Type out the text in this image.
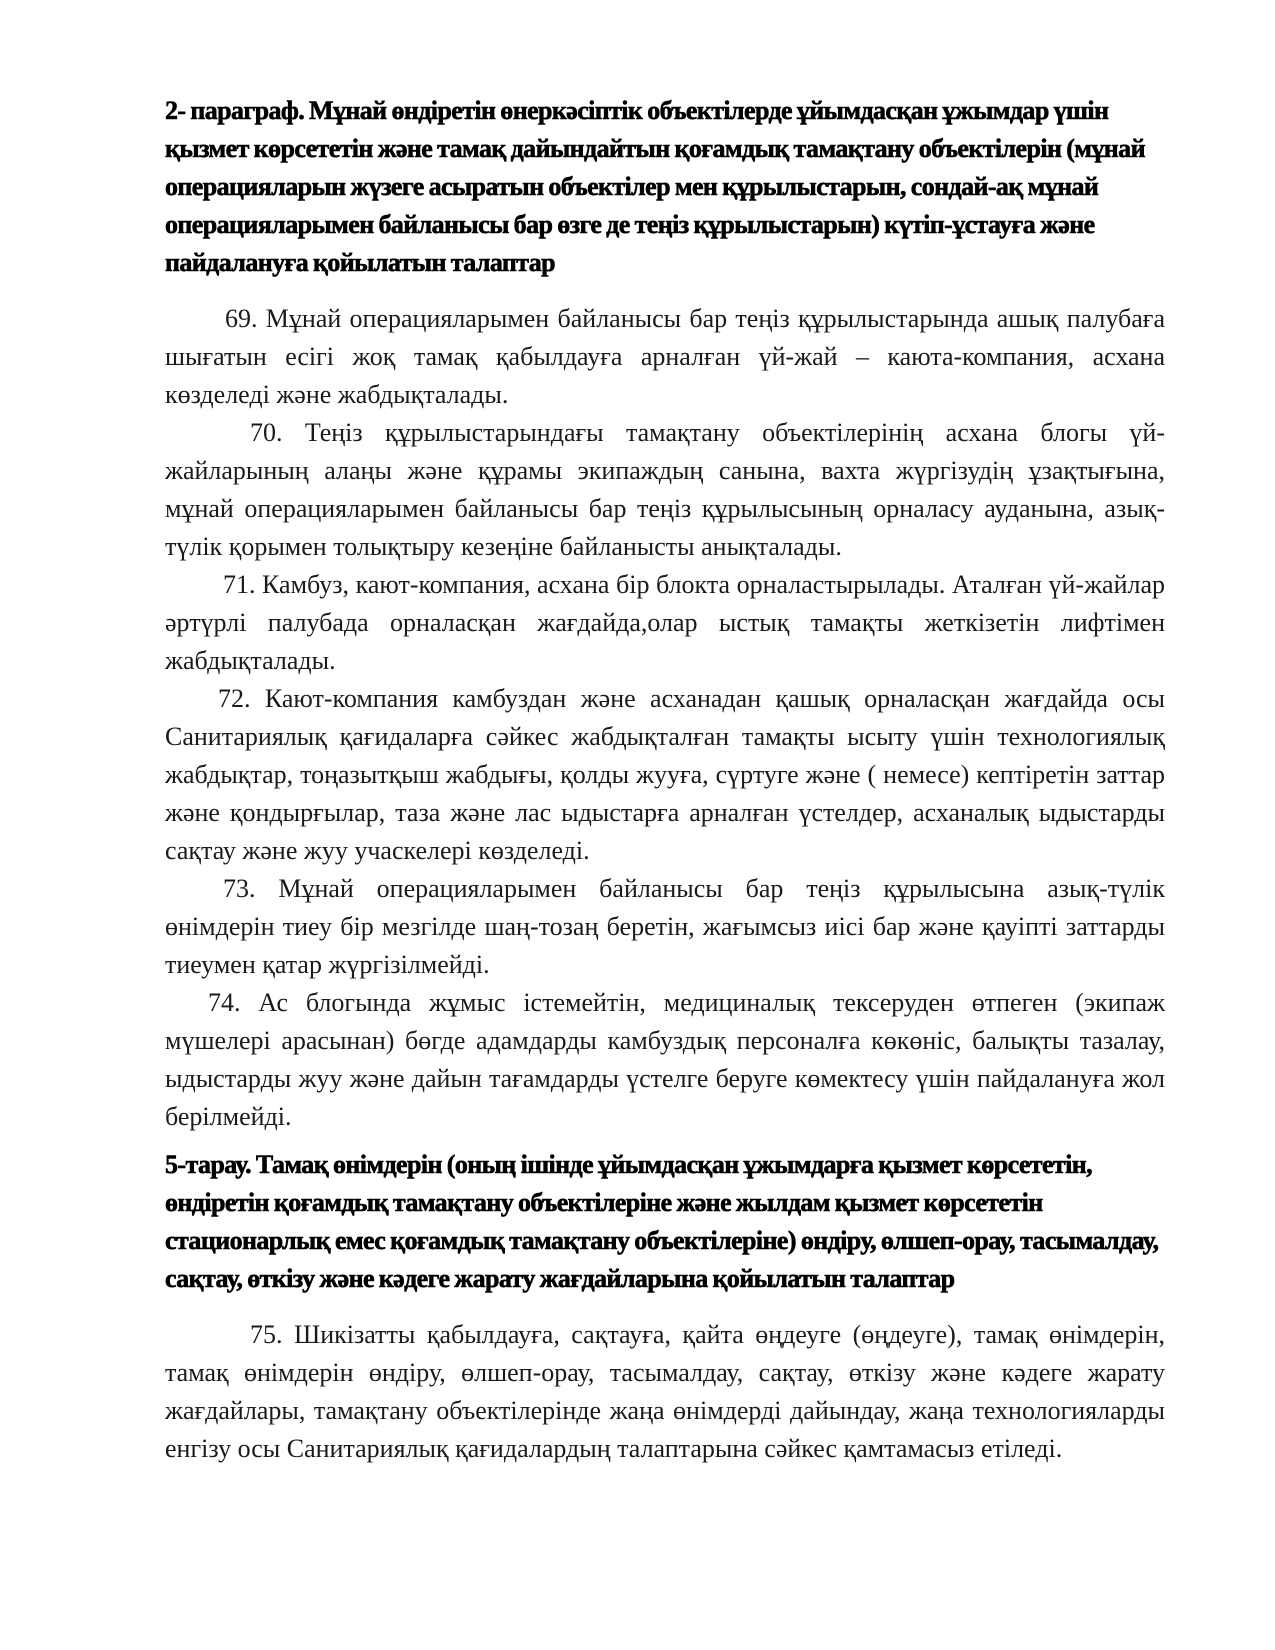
2- параграф. Мұнай өндіретін өнеркәсіптік объектілерде ұйымдасқан ұжымдар үшін қызмет көрсететін және тамақ дайындайтын қоғамдық тамақтану объектілерін (мұнай операцияларын жүзеге асыратын объектілер мен құрылыстарын, сондай-ақ мұнай операцияларымен байланысы бар өзге де теңіз құрылыстарын) күтіп-ұстауға және пайдалануға қойылатын талаптар

69. Мұнай операцияларымен байланысы бар теңіз құрылыстарында ашық палубаға шығатын есігі жоқ тамақ қабылдауға арналған үй-жай – каюта-компания, асхана көзделеді және жабдықталады.

70. Теңіз құрылыстарындағы тамақтану объектілерінің асхана блогы үй-жайларының алаңы және құрамы экипаждың санына, вахта жүргізудің ұзақтығына, мұнай операцияларымен байланысы бар теңіз құрылысының орналасу ауданына, азық-түлік қорымен толықтыру кезеңіне байланысты анықталады.

71. Камбуз, кают-компания, асхана бір блокта орналастырылады. Аталған үй-жайлар әртүрлі палубада орналасқан жағдайда,олар ыстық тамақты жеткізетін лифтімен жабдықталады.

72. Кают-компания камбуздан және асханадан қашық орналасқан жағдайда осы Санитариялық қағидаларға сәйкес жабдықталған тамақты ысыту үшін технологиялық жабдықтар, тоңазытқыш жабдығы, қолды жууға, сүртуге және ( немесе) кептіретін заттар және қондырғылар, таза және лас ыдыстарға арналған үстелдер, асханалық ыдыстарды сақтау және жуу учаскелері көзделеді.

73. Мұнай операцияларымен байланысы бар теңіз құрылысына азық-түлік өнімдерін тиеу бір мезгілде шаң-тозаң беретін, жағымсыз иісі бар және қауіпті заттарды тиеумен қатар жүргізілмейді.

74. Ас блогында жұмыс істемейтін, медициналық тексеруден өтпеген (экипаж мүшелері арасынан) бөгде адамдарды камбуздық персоналға көкөніс, балықты тазалау, ыдыстарды жуу және дайын тағамдарды үстелге беруге көмектесу үшін пайдалануға жол берілмейді.

5-тарау. Тамақ өнімдерін (оның ішінде ұйымдасқан ұжымдарға қызмет көрсететін, өндіретін қоғамдық тамақтану объектілеріне және жылдам қызмет көрсететін стационарлық емес қоғамдық тамақтану объектілеріне) өндіру, өлшеп-орау, тасымалдау, сақтау, өткізу және кәдеге жарату жағдайларына қойылатын талаптар

75. Шикізатты қабылдауға, сақтауға, қайта өңдеуге (өңдеуге), тамақ өнімдерін, тамақ өнімдерін өндіру, өлшеп-орау, тасымалдау, сақтау, өткізу және кәдеге жарату жағдайлары, тамақтану объектілерінде жаңа өнімдерді дайындау, жаңа технологияларды енгізу осы Санитариялық қағидалардың талаптарына сәйкес қамтамасыз етіледі.
